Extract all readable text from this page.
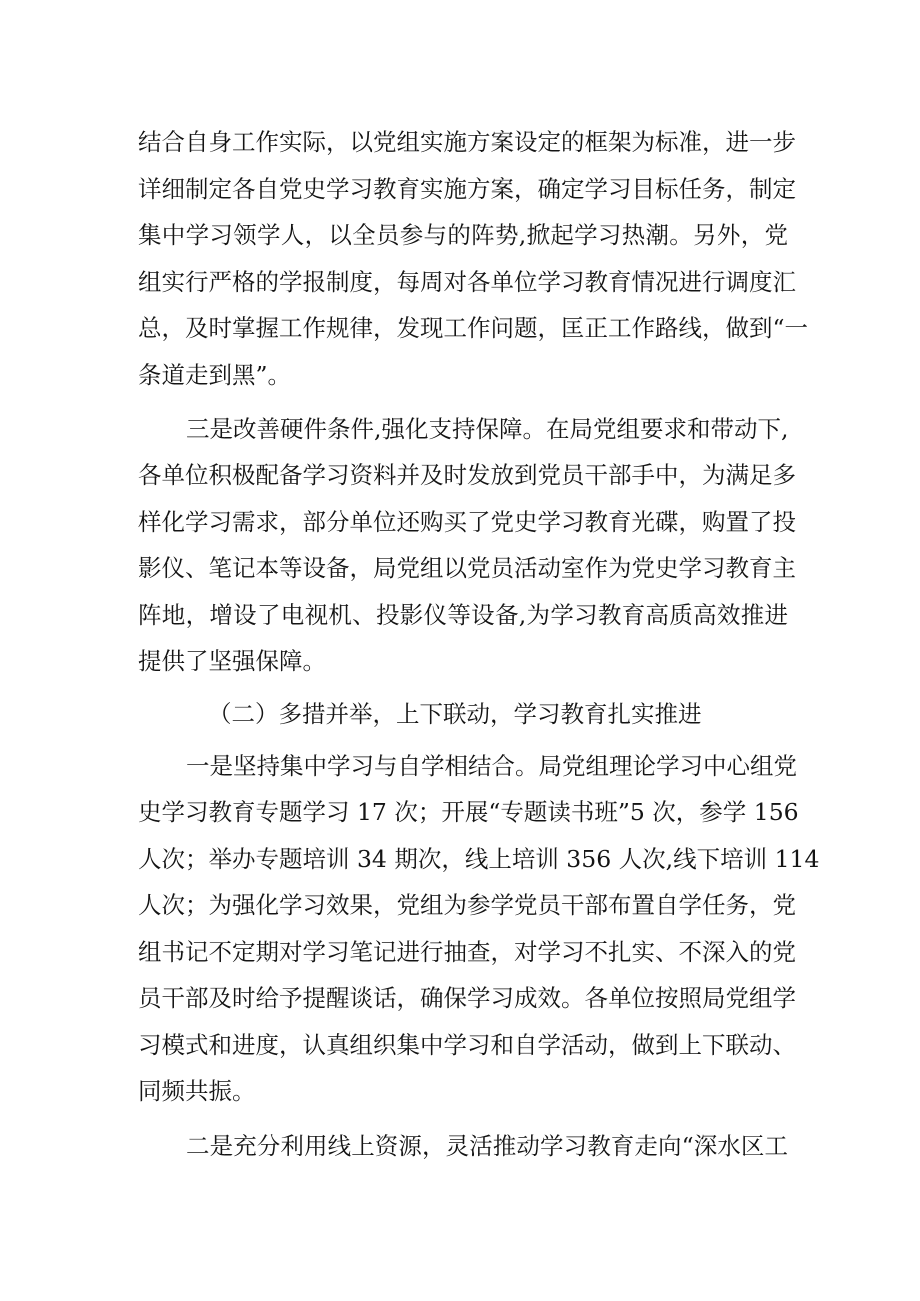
结合自身工作实际，以党组实施方案设定的框架为标准，进一步
详细制定各自党史学习教育实施方案，确定学习目标任务，制定
集中学习领学人，以全员参与的阵势,掀起学习热潮。另外，党
组实行严格的学报制度，每周对各单位学习教育情况进行调度汇
总，及时掌握工作规律，发现工作问题，匡正工作路线，做到“一
条道走到黑”。
三是改善硬件条件,强化支持保障。在局党组要求和带动下,
各单位积极配备学习资料并及时发放到党员干部手中，为满足多
样化学习需求，部分单位还购买了党史学习教育光碟，购置了投
影仪、笔记本等设备，局党组以党员活动室作为党史学习教育主
阵地，增设了电视机、投影仪等设备,为学习教育高质高效推进
提供了坚强保障。
（二）多措并举，上下联动，学习教育扎实推进
一是坚持集中学习与自学相结合。局党组理论学习中心组党
史学习教育专题学习 17 次；开展“专题读书班”5 次，参学 156
人次；举办专题培训 34 期次，线上培训 356 人次,线下培训 114
人次；为强化学习效果，党组为参学党员干部布置自学任务，党
组书记不定期对学习笔记进行抽查，对学习不扎实、不深入的党
员干部及时给予提醒谈话，确保学习成效。各单位按照局党组学
习模式和进度，认真组织集中学习和自学活动，做到上下联动、
同频共振。
二是充分利用线上资源，灵活推动学习教育走向“深水区工
